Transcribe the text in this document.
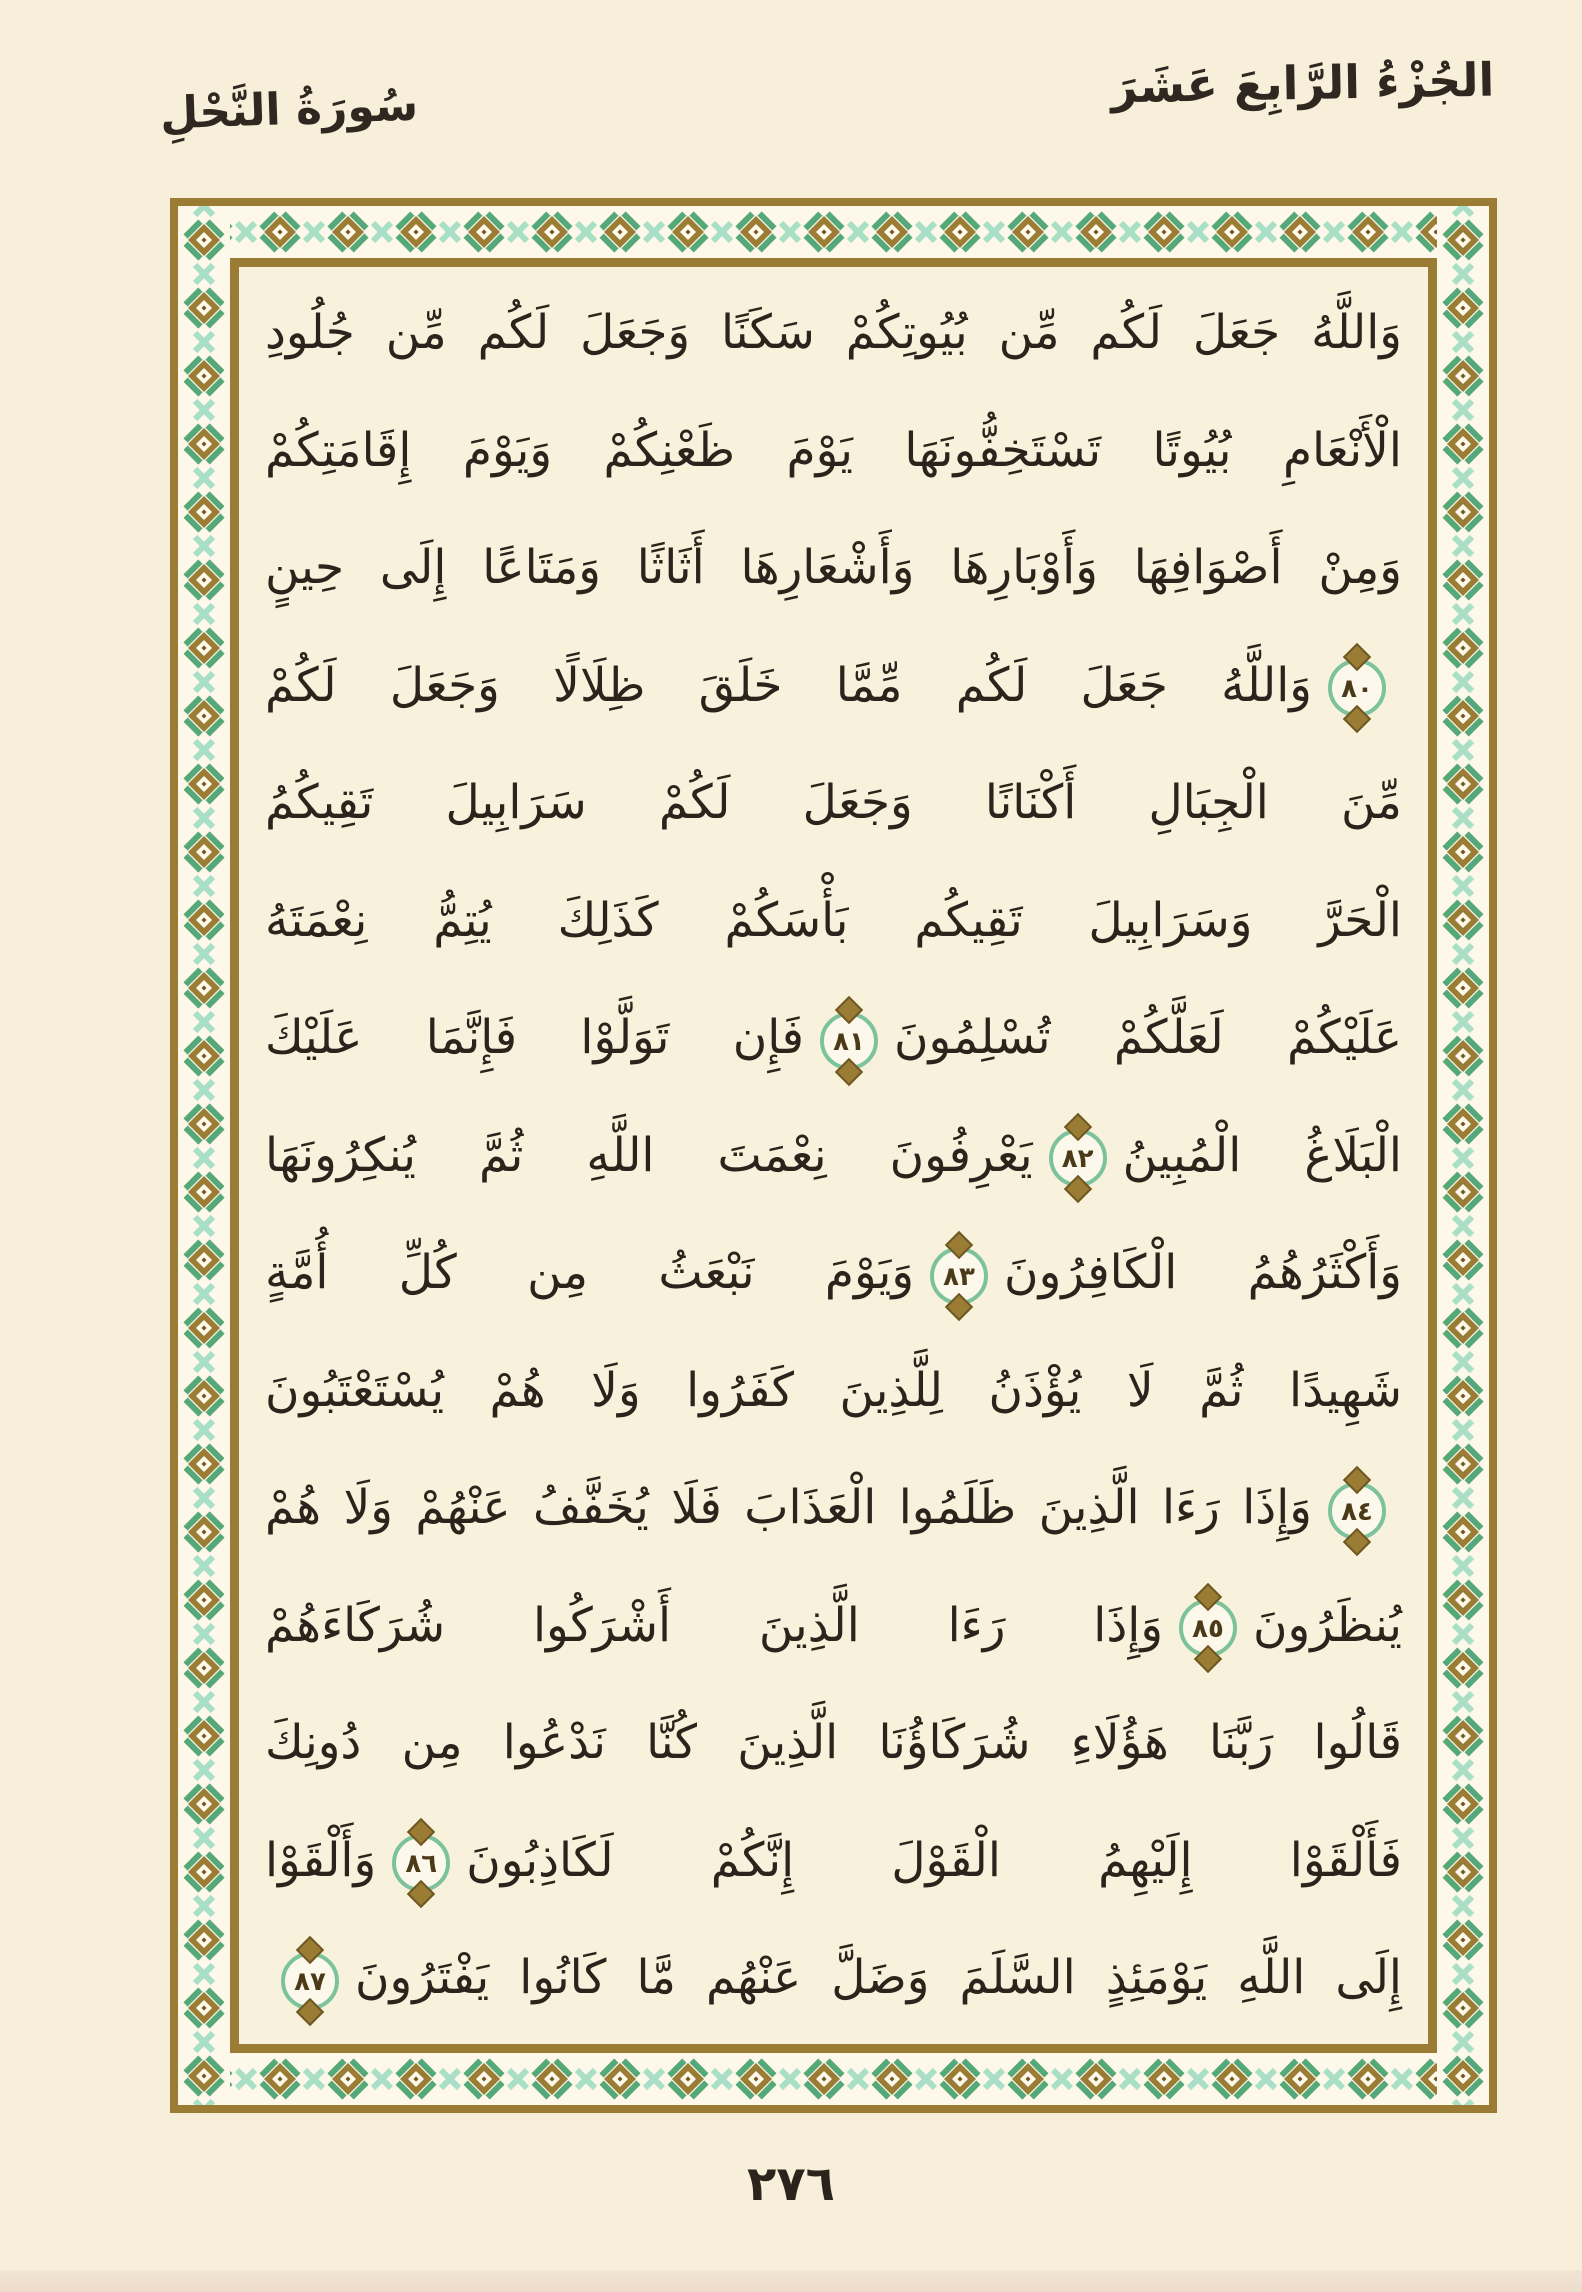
سُورَةُ النَّحْلِ	الجُزْءُ الرَّابِعَ عَشَرَ
وَاللَّهُ جَعَلَ لَكُم مِّن بُيُوتِكُمْ سَكَنًا وَجَعَلَ لَكُم مِّن جُلُودِ
الْأَنْعَامِ بُيُوتًا تَسْتَخِفُّونَهَا يَوْمَ ظَعْنِكُمْ وَيَوْمَ إِقَامَتِكُمْ
وَمِنْ أَصْوَافِهَا وَأَوْبَارِهَا وَأَشْعَارِهَا أَثَاثًا وَمَتَاعًا إِلَى حِينٍ
٨٠
وَاللَّهُ جَعَلَ لَكُم مِّمَّا خَلَقَ ظِلَالًا وَجَعَلَ لَكُمْ
مِّنَ الْجِبَالِ أَكْنَانًا وَجَعَلَ لَكُمْ سَرَابِيلَ تَقِيكُمُ
الْحَرَّ وَسَرَابِيلَ تَقِيكُم بَأْسَكُمْ كَذَلِكَ يُتِمُّ نِعْمَتَهُ
عَلَيْكُمْ لَعَلَّكُمْ تُسْلِمُونَ
٨١
فَإِن تَوَلَّوْا فَإِنَّمَا عَلَيْكَ
الْبَلَاغُ الْمُبِينُ
٨٢
يَعْرِفُونَ نِعْمَتَ اللَّهِ ثُمَّ يُنكِرُونَهَا
وَأَكْثَرُهُمُ الْكَافِرُونَ
٨٣
وَيَوْمَ نَبْعَثُ مِن كُلِّ أُمَّةٍ
شَهِيدًا ثُمَّ لَا يُؤْذَنُ لِلَّذِينَ كَفَرُوا وَلَا هُمْ يُسْتَعْتَبُونَ
٨٤
وَإِذَا رَءَا الَّذِينَ ظَلَمُوا الْعَذَابَ فَلَا يُخَفَّفُ عَنْهُمْ وَلَا هُمْ
يُنظَرُونَ
٨٥
وَإِذَا رَءَا الَّذِينَ أَشْرَكُوا شُرَكَاءَهُمْ
قَالُوا رَبَّنَا هَؤُلَاءِ شُرَكَاؤُنَا الَّذِينَ كُنَّا نَدْعُوا مِن دُونِكَ
فَأَلْقَوْا إِلَيْهِمُ الْقَوْلَ إِنَّكُمْ لَكَاذِبُونَ
٨٦
وَأَلْقَوْا
إِلَى اللَّهِ يَوْمَئِذٍ السَّلَمَ وَضَلَّ عَنْهُم مَّا كَانُوا يَفْتَرُونَ
٨٧
٢٧٦
